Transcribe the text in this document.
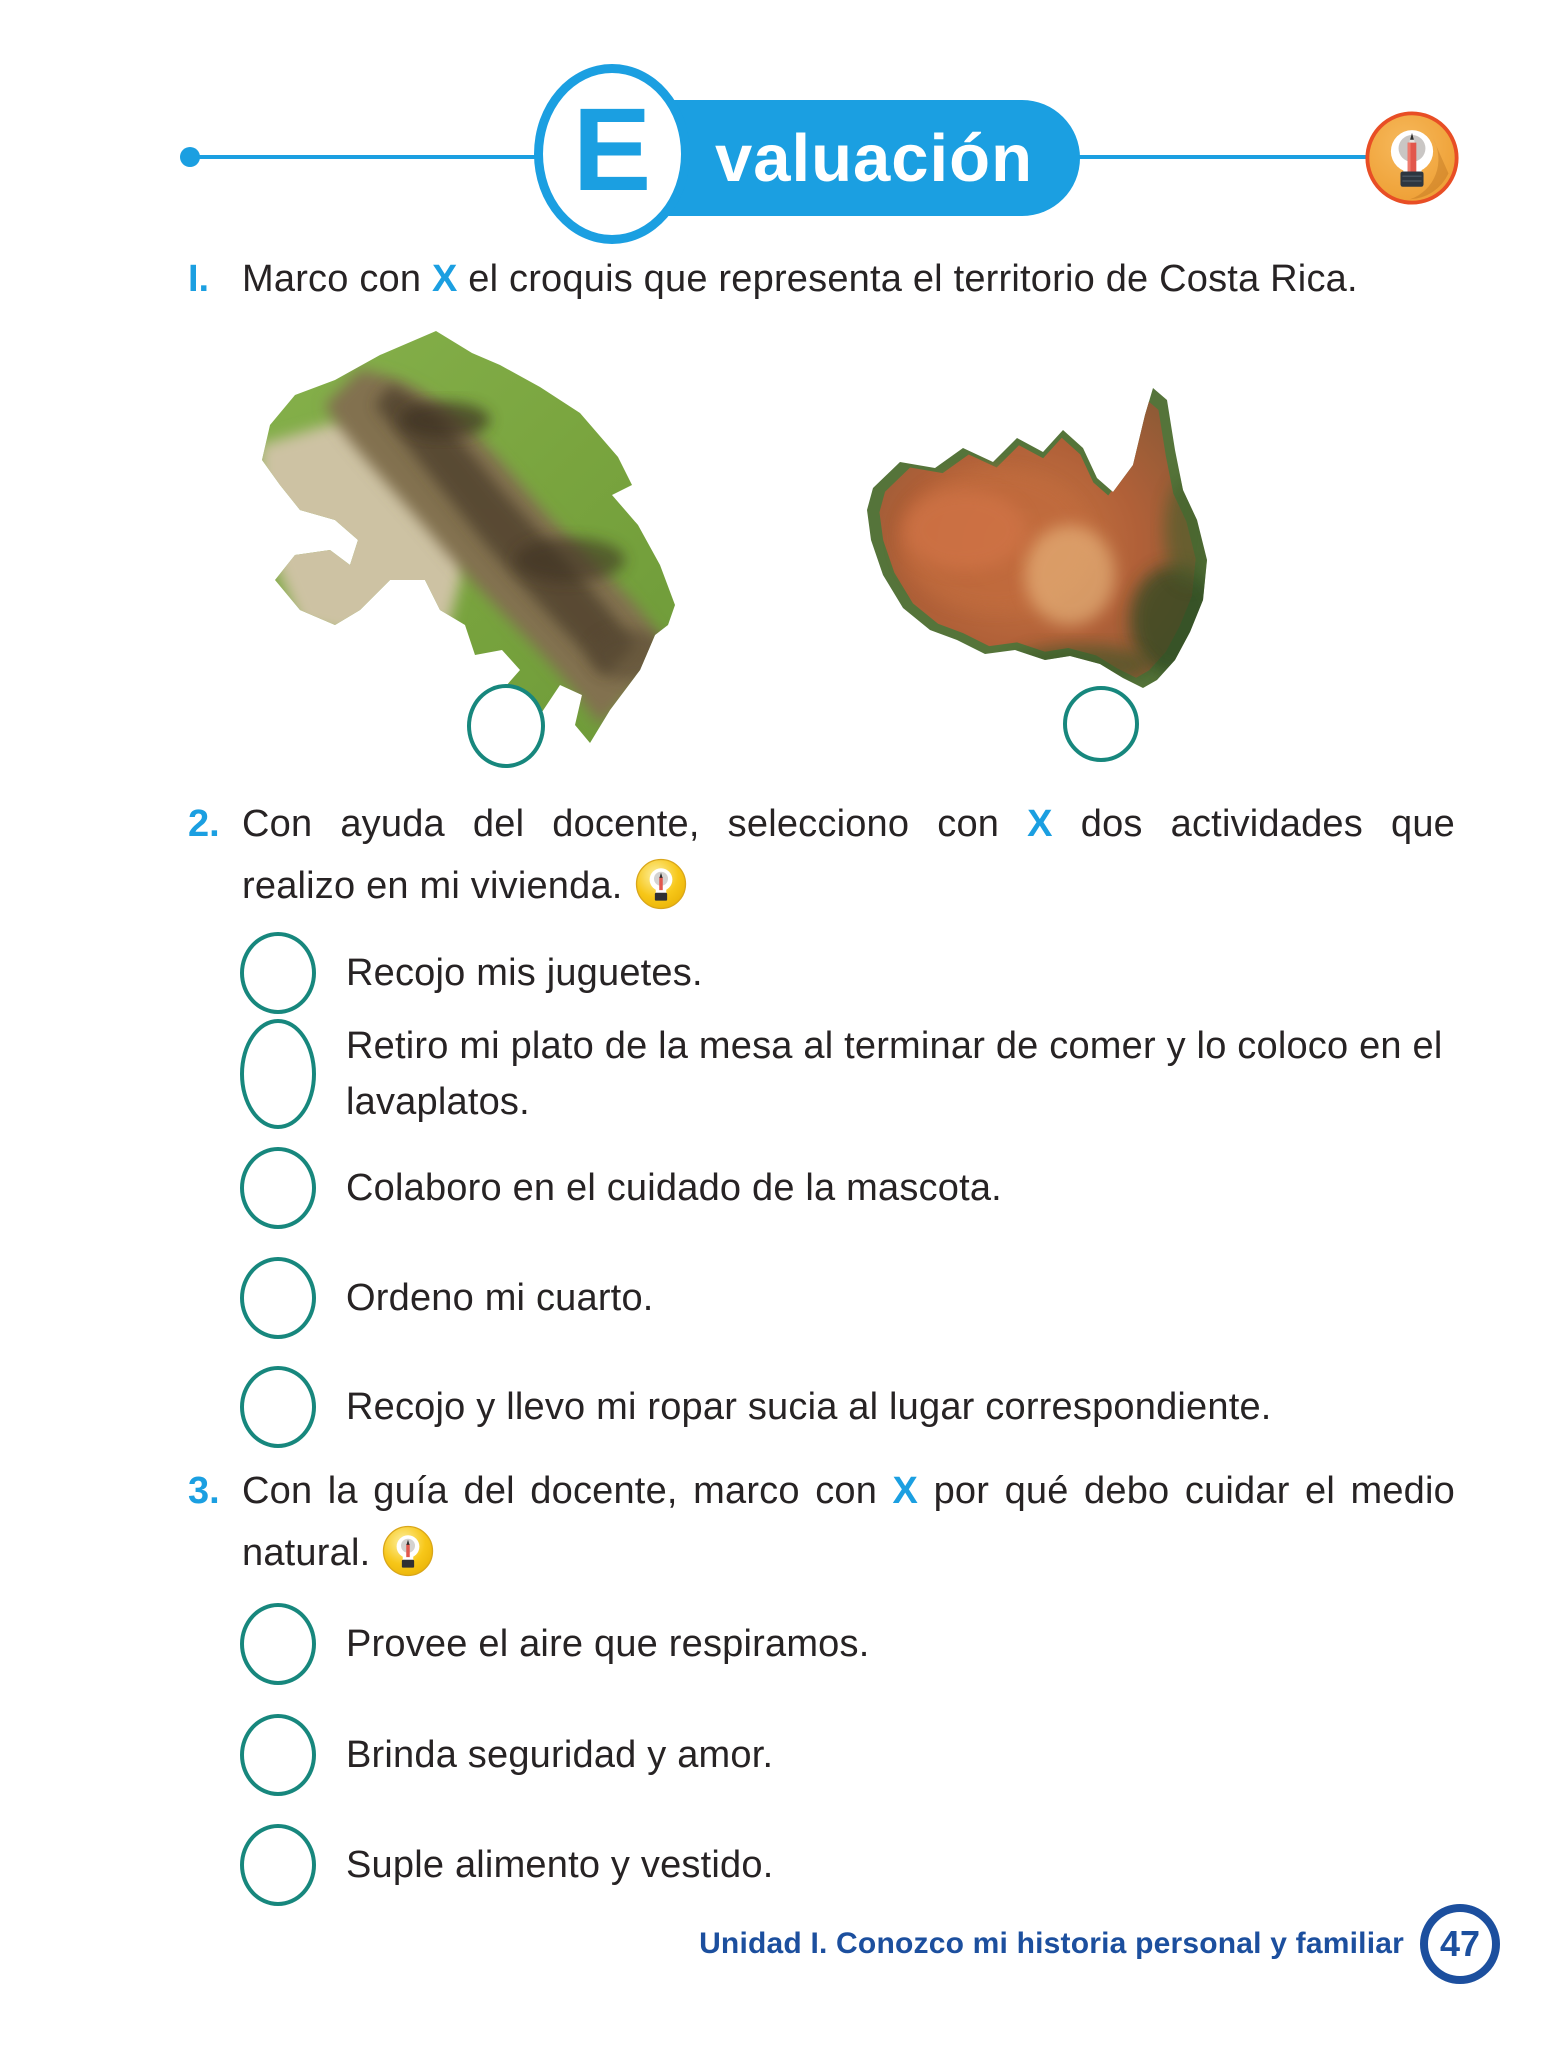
valuación
E
I. Marco con X el croquis que representa el territorio de Costa Rica.
2. Con ayuda del docente, selecciono con X dos actividades que
realizo en mi vivienda.
Recojo mis juguetes.
Retiro mi plato de la mesa al terminar de comer y lo coloco en el lavaplatos.
Colaboro en el cuidado de la mascota.
Ordeno mi cuarto.
Recojo y llevo mi ropar sucia al lugar correspondiente.
3. Con la guía del docente, marco con X por qué debo cuidar el medio
natural.
Provee el aire que respiramos.
Brinda seguridad y amor.
Suple alimento y vestido.
Unidad I. Conozco mi historia personal y familiar 47
